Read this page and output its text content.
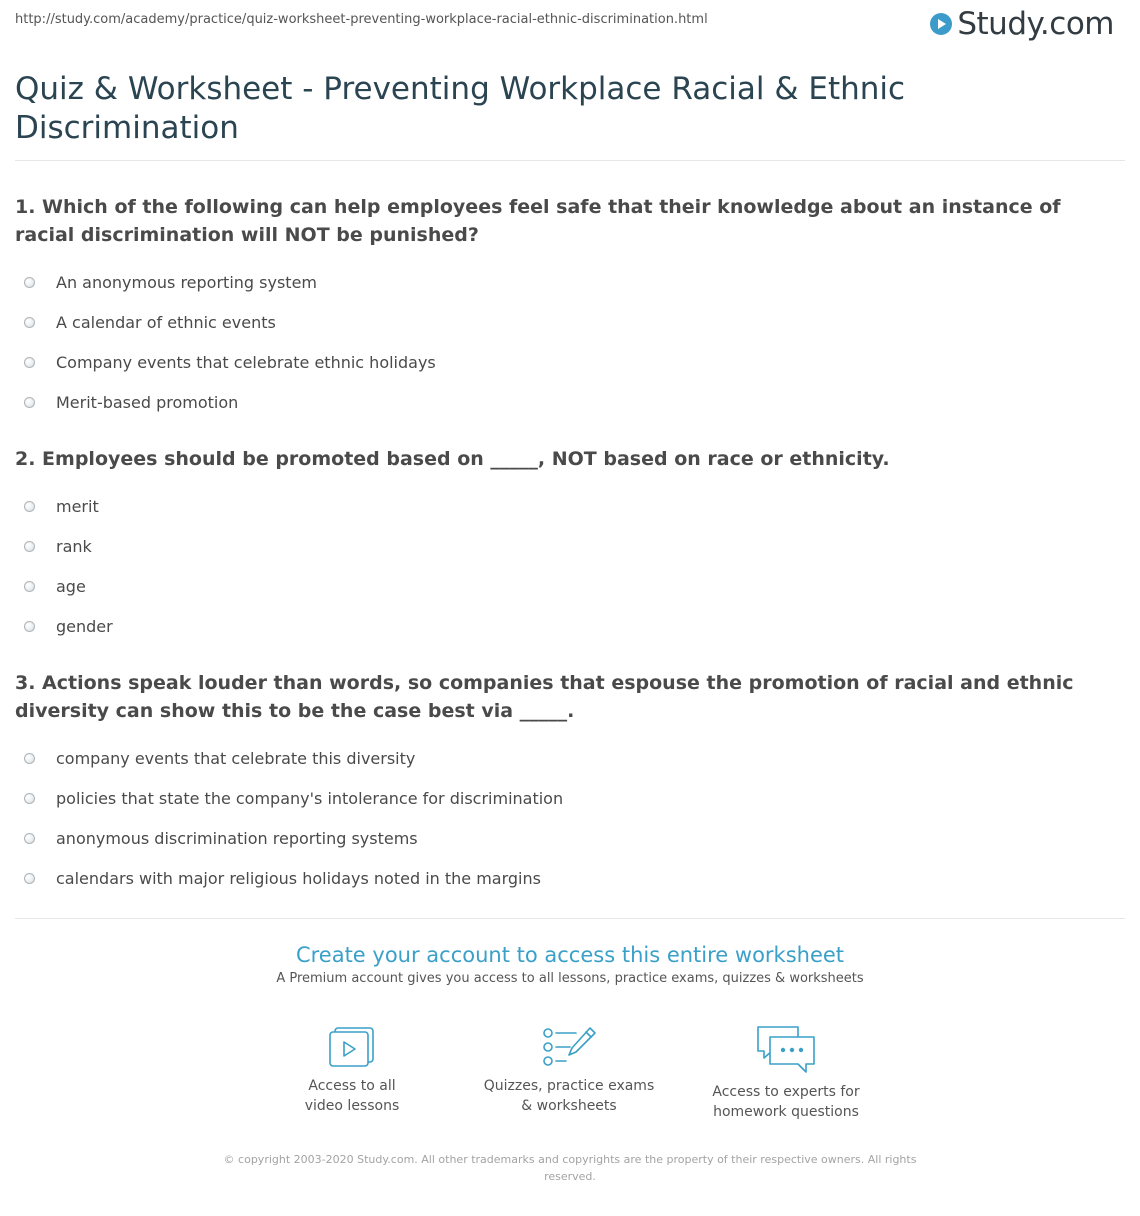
http://study.com/academy/practice/quiz-worksheet-preventing-workplace-racial-ethnic-discrimination.html	Study.com
Quiz & Worksheet - Preventing Workplace Racial & Ethnic Discrimination

1. Which of the following can help employees feel safe that their knowledge about an instance of racial discrimination will NOT be punished?

An anonymous reporting system
A calendar of ethnic events
Company events that celebrate ethnic holidays
Merit-based promotion

2. Employees should be promoted based on _____, NOT based on race or ethnicity.

merit
rank
age
gender

3. Actions speak louder than words, so companies that espouse the promotion of racial and ethnic diversity can show this to be the case best via _____.

company events that celebrate this diversity
policies that state the company's intolerance for discrimination
anonymous discrimination reporting systems
calendars with major religious holidays noted in the margins

Create your account to access this entire worksheet

A Premium account gives you access to all lessons, practice exams, quizzes & worksheets
Access to all
video lessons
Quizzes, practice exams
& worksheets
Access to experts for
homework questions
© copyright 2003-2020 Study.com. All other trademarks and copyrights are the property of their respective owners. All rights reserved.
